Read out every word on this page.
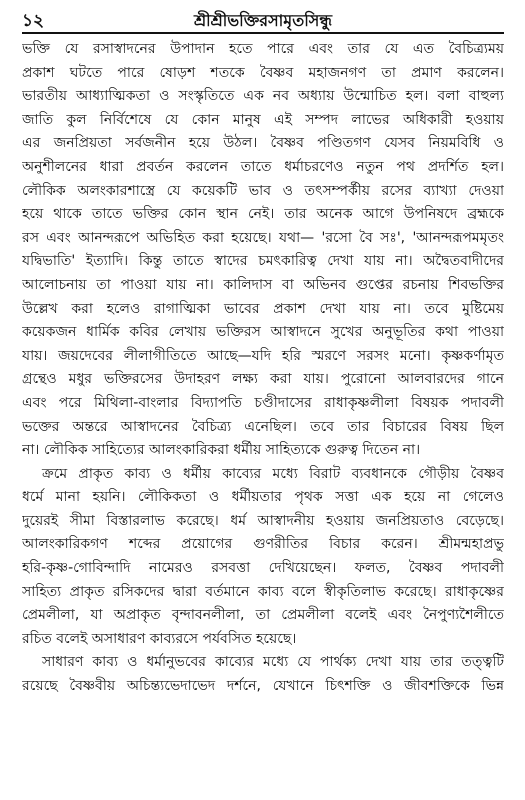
১২	শ্রীশ্রীভক্তিরসামৃতসিন্ধু
ভক্তি যে রসাস্বাদনের উপাদান হতে পারে এবং তার যে এত বৈচিত্র্যময়
প্রকাশ ঘটতে পারে ষোড়শ শতকে বৈষ্ণব মহাজনগণ তা প্রমাণ করলেন।
ভারতীয় আধ্যাত্মিকতা ও সংস্কৃতিতে এক নব অধ্যায় উন্মোচিত হল। বলা বাহুল্য
জাতি কুল নির্বিশেষে যে কোন মানুষ এই সম্পদ লাভের অধিকারী হওয়ায়
এর জনপ্রিয়তা সর্বজনীন হয়ে উঠল। বৈষ্ণব পণ্ডিতগণ যেসব নিয়মবিধি ও
অনুশীলনের ধারা প্রবর্তন করলেন তাতে ধর্মাচরণেও নতুন পথ প্রদর্শিত হল।
লৌকিক অলংকারশাস্ত্রে যে কয়েকটি ভাব ও তৎসম্পর্কীয় রসের ব্যাখ্যা দেওয়া
হয়ে থাকে তাতে ভক্তির কোন স্থান নেই। তার অনেক আগে উপনিষদে ব্রহ্মকে
রস এবং আনন্দরূপে অভিহিত করা হয়েছে। যথা— 'রসো বৈ সঃ', 'আনন্দরূপমমৃতং
যদ্বিভাতি' ইত্যাদি। কিন্তু তাতে স্বাদের চমৎকারিত্ব দেখা যায় না। অদ্বৈতবাদীদের
আলোচনায় তা পাওয়া যায় না। কালিদাস বা অভিনব গুপ্তের রচনায় শিবভক্তির
উল্লেখ করা হলেও রাগাত্মিকা ভাবের প্রকাশ দেখা যায় না। তবে মুষ্টিমেয়
কয়েকজন ধার্মিক কবির লেখায় ভক্তিরস আস্বাদনে সুখের অনুভূতির কথা পাওয়া
যায়। জয়দেবের লীলাগীতিতে আছে—যদি হরি স্মরণে সরসং মনো। কৃষ্ণকর্ণামৃত
গ্রন্থেও মধুর ভক্তিরসের উদাহরণ লক্ষ্য করা যায়। পুরোনো আলবারদের গানে
এবং পরে মিথিলা-বাংলার বিদ্যাপতি চণ্ডীদাসের রাধাকৃষ্ণলীলা বিষয়ক পদাবলী
ভক্তের অন্তরে আস্বাদনের বৈচিত্র্য এনেছিল। তবে তার বিচারের বিষয় ছিল
না। লৌকিক সাহিত্যের আলংকারিকরা ধর্মীয় সাহিত্যকে গুরুত্ব দিতেন না।
ক্রমে প্রাকৃত কাব্য ও ধর্মীয় কাব্যের মধ্যে বিরাট ব্যবধানকে গৌড়ীয় বৈষ্ণব
ধর্মে মানা হয়নি। লৌকিকতা ও ধর্মীয়তার পৃথক সত্তা এক হয়ে না গেলেও
দুয়েরই সীমা বিস্তারলাভ করেছে। ধর্ম আস্বাদনীয় হওয়ায় জনপ্রিয়তাও বেড়েছে।
আলংকারিকগণ শব্দের প্রয়োগের গুণরীতির বিচার করেন। শ্রীমন্মহাপ্রভু
হরি-কৃষ্ণ-গোবিন্দাদি নামেরও রসবত্তা দেখিয়েছেন। ফলত, বৈষ্ণব পদাবলী
সাহিত্য প্রাকৃত রসিকদের দ্বারা বর্তমানে কাব্য বলে স্বীকৃতিলাভ করেছে। রাধাকৃষ্ণের
প্রেমলীলা, যা অপ্রাকৃত বৃন্দাবনলীলা, তা প্রেমলীলা বলেই এবং নৈপুণ্যশৈলীতে
রচিত বলেই অসাধারণ কাব্যরসে পর্যবসিত হয়েছে।
সাধারণ কাব্য ও ধর্মানুভবের কাব্যের মধ্যে যে পার্থক্য দেখা যায় তার তত্ত্বটি
রয়েছে বৈষ্ণবীয় অচিন্ত্যভেদাভেদ দর্শনে, যেখানে চিৎশক্তি ও জীবশক্তিকে ভিন্ন
